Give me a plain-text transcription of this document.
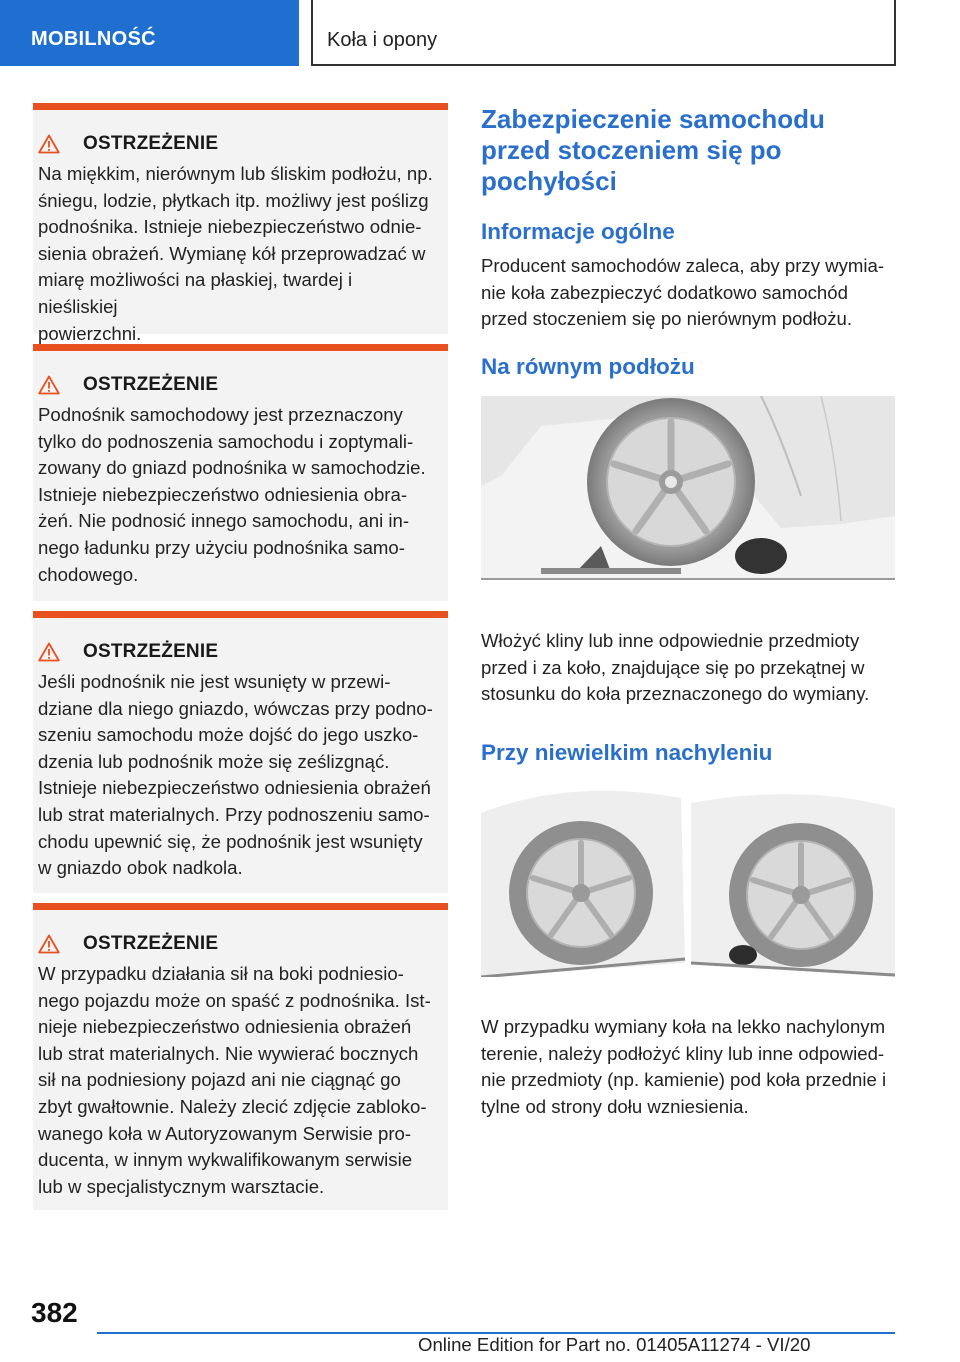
MOBILNOŚĆ	Koła i opony
OSTRZEŻENIE
Na miękkim, nierównym lub śliskim podłożu, np.
śniegu, lodzie, płytkach itp. możliwy jest poślizg
podnośnika. Istnieje niebezpieczeństwo odnie-
sienia obrażeń. Wymianę kół przeprowadzać w
miarę możliwości na płaskiej, twardej i nieśliskiej
powierzchni.
OSTRZEŻENIE
Podnośnik samochodowy jest przeznaczony
tylko do podnoszenia samochodu i zoptymali-
zowany do gniazd podnośnika w samochodzie.
Istnieje niebezpieczeństwo odniesienia obra-
żeń. Nie podnosić innego samochodu, ani in-
nego ładunku przy użyciu podnośnika samo-
chodowego.
OSTRZEŻENIE
Jeśli podnośnik nie jest wsunięty w przewi-
dziane dla niego gniazdo, wówczas przy podno-
szeniu samochodu może dojść do jego uszko-
dzenia lub podnośnik może się ześlizgnąć.
Istnieje niebezpieczeństwo odniesienia obrażeń
lub strat materialnych. Przy podnoszeniu samo-
chodu upewnić się, że podnośnik jest wsunięty
w gniazdo obok nadkola.
OSTRZEŻENIE
W przypadku działania sił na boki podniesio-
nego pojazdu może on spaść z podnośnika. Ist-
nieje niebezpieczeństwo odniesienia obrażeń
lub strat materialnych. Nie wywierać bocznych
sił na podniesiony pojazd ani nie ciągnąć go
zbyt gwałtownie. Należy zlecić zdjęcie zabloko-
wanego koła w Autoryzowanym Serwisie pro-
ducenta, w innym wykwalifikowanym serwisie
lub w specjalistycznym warsztacie.
Zabezpieczenie samochodu
przed stoczeniem się po
pochyłości
Informacje ogólne
Producent samochodów zaleca, aby przy wymia-
nie koła zabezpieczyć dodatkowo samochód
przed stoczeniem się po nierównym podłożu.
Na równym podłożu
Włożyć kliny lub inne odpowiednie przedmioty
przed i za koło, znajdujące się po przekątnej w
stosunku do koła przeznaczonego do wymiany.
Przy niewielkim nachyleniu
W przypadku wymiany koła na lekko nachylonym
terenie, należy podłożyć kliny lub inne odpowied-
nie przedmioty (np. kamienie) pod koła przednie i
tylne od strony dołu wzniesienia.
382
Online Edition for Part no. 01405A11274 - VI/20
